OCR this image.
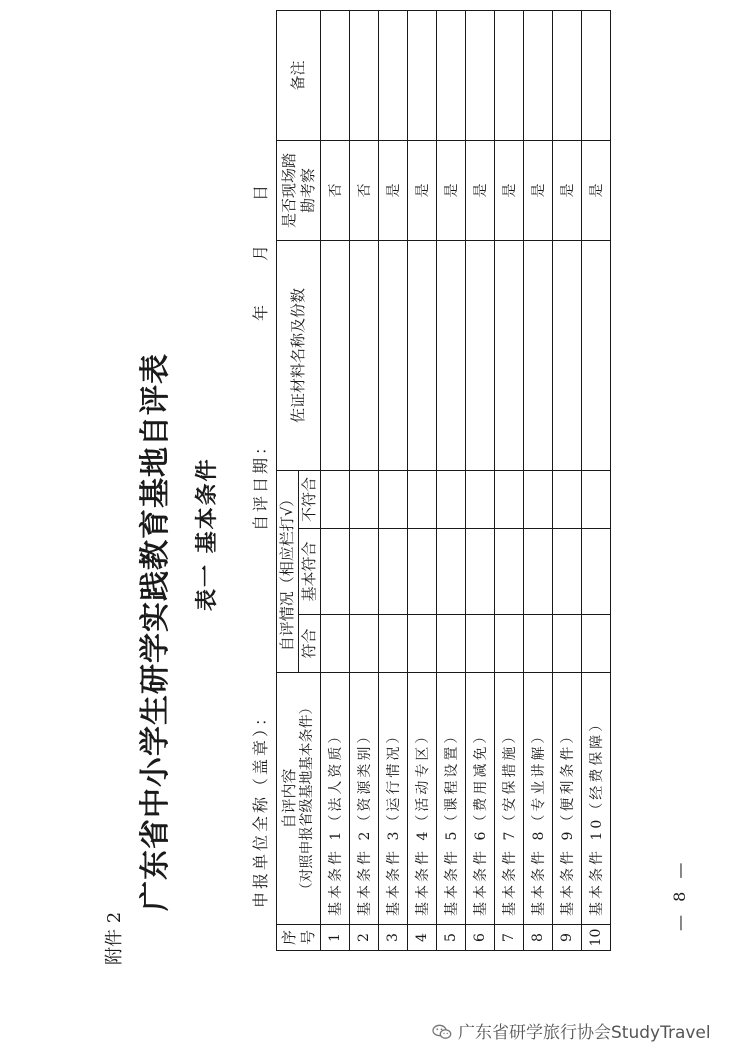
附件 2
广东省中小学生研学实践教育基地自评表 表一 基本条件
申报单位全称（盖章）：
自评日期：
年月日
序号	自评内容 （对照申报省级基地基本条件）	自评情况（相应栏打√）			佐证材料名称及份数	是否现场踏勘考察	备注
		符合	基本符合	不符合			
1	基本条件 1（法人资质）					否	
2	基本条件 2（资源类别）					否	
3	基本条件 3（运行情况）					是	
4	基本条件 4（活动专区）					是	
5	基本条件 5（课程设置）					是	
6	基本条件 6（费用减免）					是	
7	基本条件 7（安保措施）					是	
8	基本条件 8（专业讲解）					是	
9	基本条件 9（便利条件）					是	
10	基本条件 10（经费保障）					是	
— 8 —
广东省研学旅行协会StudyTravel
